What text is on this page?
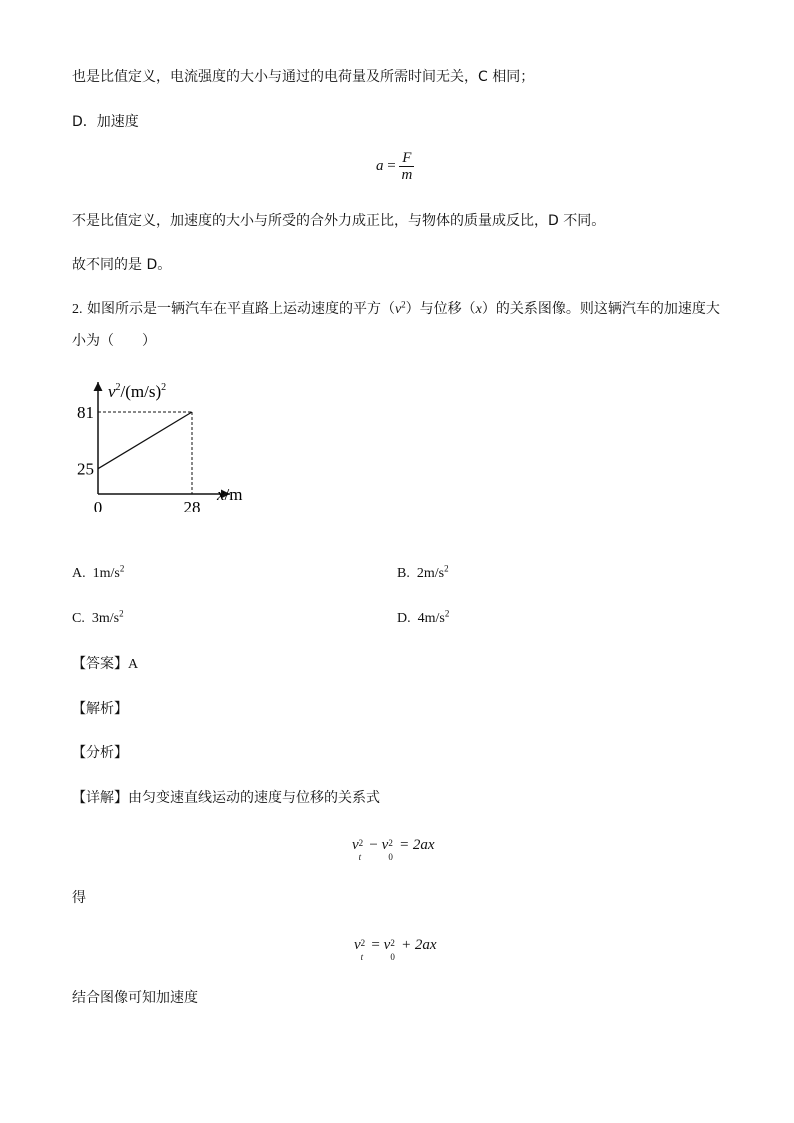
也是比值定义，电流强度的大小与通过的电荷量及所需时间无关，C 相同；
D．加速度
$a = \frac{F}{m}$
不是比值定义，加速度的大小与所受的合外力成正比，与物体的质量成反比，D 不同。
故不同的是 D。
2. 如图所示是一辆汽车在平直路上运动速度的平方$(v^2)$与位移（x）的关系图像。则这辆汽车的加速度大
小为（　　）
81
25
0	28
$v^2/(m/s)^2$
x/m
A. $1m/s^2$	B. $2m/s^2$
C. $3m/s^2$	D. $4m/s^2$
【答案】A
【解析】
【分析】
【详解】由匀变速直线运动的速度与位移的关系式
v 2
t
− v 2
0
= 2ax
得
v 2
t
= v 2
0
+ 2ax
结合图像可知加速度
